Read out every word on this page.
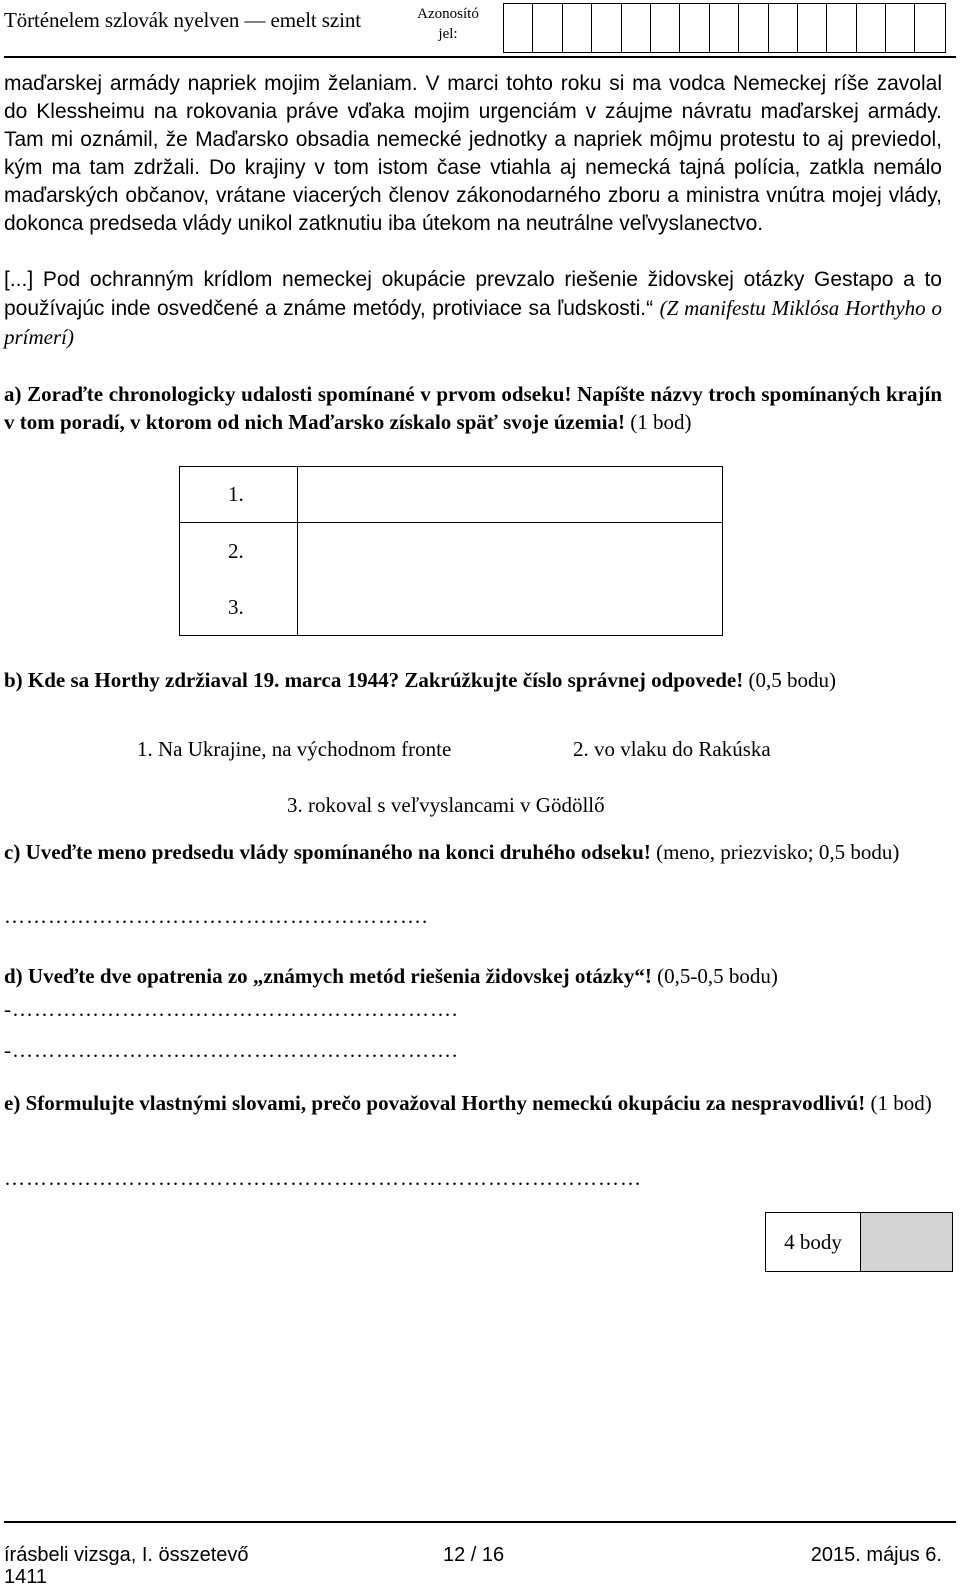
Történelem szlovák nyelven — emelt szint	Azonosító
jel:
maďarskej armády napriek mojim želaniam. V marci tohto roku si ma vodca Nemeckej ríše zavolal do Klessheimu na rokovania práve vďaka mojim urgenciám v záujme návratu maďarskej armády. Tam mi oznámil, že Maďarsko obsadia nemecké jednotky a napriek môjmu protestu to aj previedol, kým ma tam zdržali. Do krajiny v tom istom čase vtiahla aj nemecká tajná polícia, zatkla nemálo maďarských občanov, vrátane viacerých členov zákonodarného zboru a ministra vnútra mojej vlády, dokonca predseda vlády unikol zatknutiu iba útekom na neutrálne veľvyslanectvo.
[...] Pod ochranným krídlom nemeckej okupácie prevzalo riešenie židovskej otázky Gestapo a to používajúc inde osvedčené a známe metódy, protiviace sa ľudskosti.“ (Z manifestu Miklósa Horthyho o prímerí)
a) Zoraďte chronologicky udalosti spomínané v prvom odseku! Napíšte názvy troch spomínaných krajín v tom poradí, v ktorom od nich Maďarsko získalo späť svoje územia! (1 bod)
1.
2.
3.
b) Kde sa Horthy zdržiaval 19. marca 1944? Zakrúžkujte číslo správnej odpovede! (0,5 bodu)
1. Na Ukrajine, na východnom fronte	2. vo vlaku do Rakúska
3. rokoval s veľvyslancami v Gödöllő
c) Uveďte meno predsedu vlády spomínaného na konci druhého odseku! (meno, priezvisko; 0,5 bodu)
………………………………………………….
d) Uveďte dve opatrenia zo „známych metód riešenia židovskej otázky“! (0,5-0,5 bodu)
-…………………………………………………….
-…………………………………………………….
e) Sformulujte vlastnými slovami, prečo považoval Horthy nemeckú okupáciu za nespravodlivú! (1 bod)
……………………………………………………………………………
4 body
írásbeli vizsga, I. összetevő
1411
12 / 16	2015. május 6.
